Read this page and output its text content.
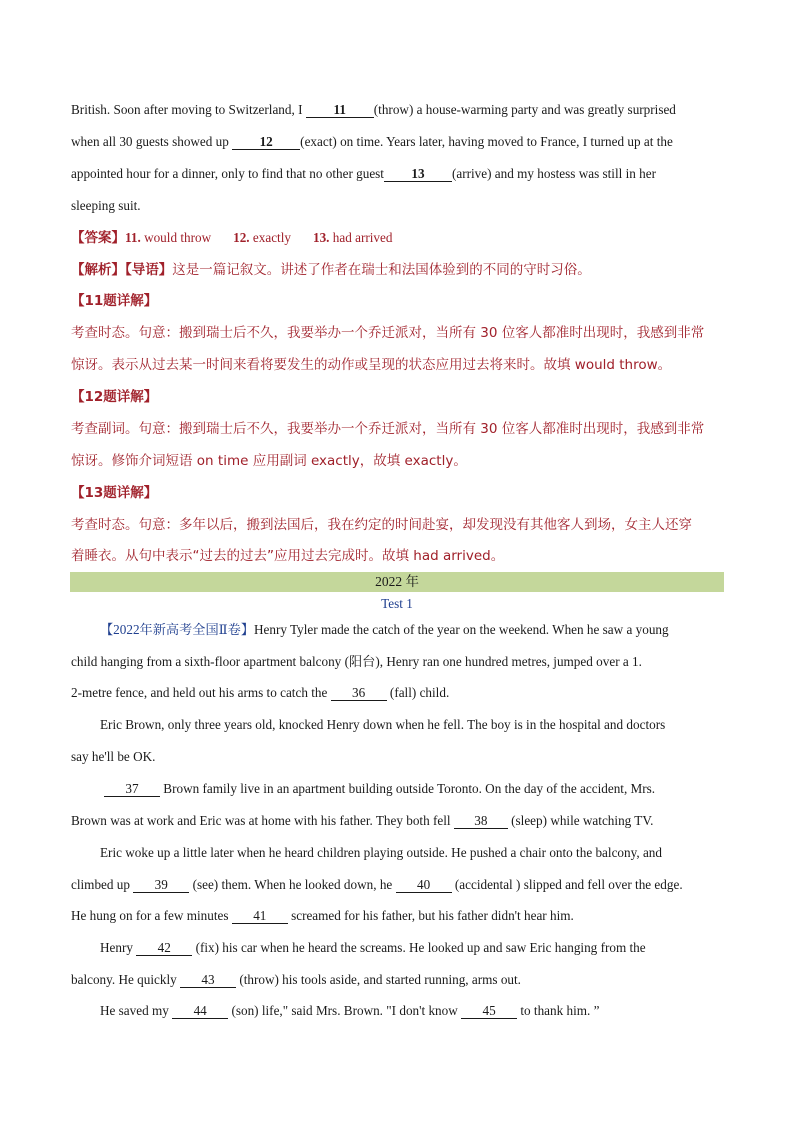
British. Soon after moving to Switzerland, I 11 (throw) a house-warming party and was greatly surprised
when all 30 guests showed up 12 (exact) on time. Years later, having moved to France, I turned up at the
appointed hour for a dinner, only to find that no other guest 13 (arrive) and my hostess was still in her
sleeping suit.
【答案】11. would throw 12. exactly 13. had arrived
【解析】【导语】这是一篇记叙文。讲述了作者在瑞士和法国体验到的不同的守时习俗。
【11题详解】
考查时态。句意：搬到瑞士后不久，我要举办一个乔迁派对，当所有 30 位客人都准时出现时，我感到非常
惊讶。表示从过去某一时间来看将要发生的动作或呈现的状态应用过去将来时。故填 would throw。
【12题详解】
考查副词。句意：搬到瑞士后不久，我要举办一个乔迁派对，当所有 30 位客人都准时出现时，我感到非常
惊讶。修饰介词短语 on time 应用副词 exactly，故填 exactly。
【13题详解】
考查时态。句意：多年以后，搬到法国后，我在约定的时间赴宴，却发现没有其他客人到场，女主人还穿
着睡衣。从句中表示“过去的过去”应用过去完成时。故填 had arrived。
2022 年
Test 1
【2022年新高考全国Ⅱ卷】Henry Tyler made the catch of the year on the weekend. When he saw a young
child hanging from a sixth-floor apartment balcony (阳台), Henry ran one hundred metres, jumped over a 1.
2-metre fence, and held out his arms to catch the 36 (fall) child.
Eric Brown, only three years old, knocked Henry down when he fell. The boy is in the hospital and doctors
say he'll be OK.
37 Brown family live in an apartment building outside Toronto. On the day of the accident, Mrs.
Brown was at work and Eric was at home with his father. They both fell 38 (sleep) while watching TV.
Eric woke up a little later when he heard children playing outside. He pushed a chair onto the balcony, and
climbed up 39 (see) them. When he looked down, he 40 (accidental ) slipped and fell over the edge.
He hung on for a few minutes 41 screamed for his father, but his father didn't hear him.
Henry 42 (fix) his car when he heard the screams. He looked up and saw Eric hanging from the
balcony. He quickly 43 (throw) his tools aside, and started running, arms out.
He saved my 44 (son) life," said Mrs. Brown. "I don't know 45 to thank him. ”
